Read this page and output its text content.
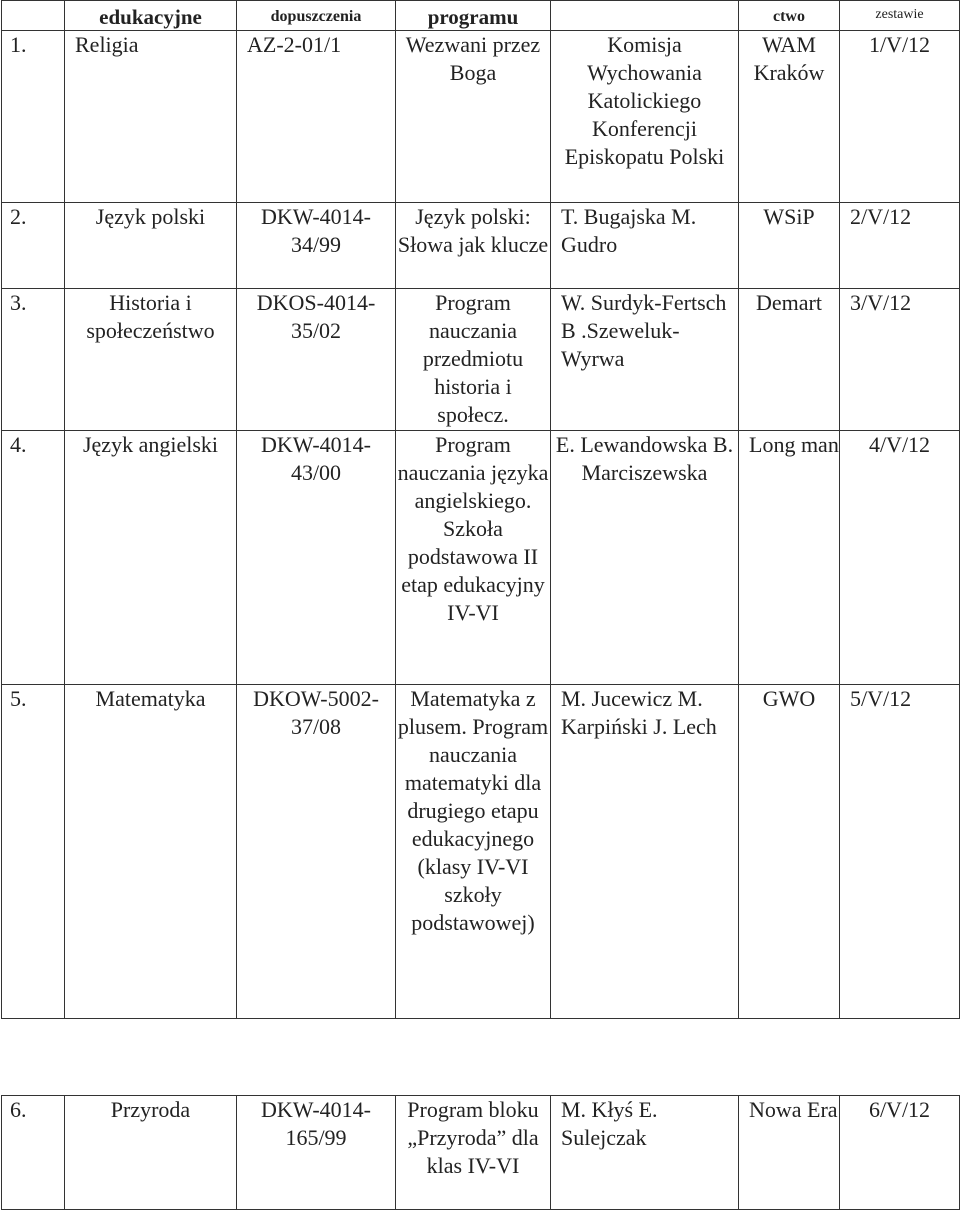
	edukacyjne	dopuszczenia	programu		ctwo	zestawie
1.	Religia	AZ-2-01/1	Wezwani przez Boga	Komisja Wychowania Katolickiego Konferencji Episkopatu Polski	WAM Kraków	1/V/12
2.	Język polski	DKW-4014-34/99	Język polski: Słowa jak klucze	T. Bugajska M. Gudro	WSiP	2/V/12
3.	Historia i społeczeństwo	DKOS-4014-35/02	Program nauczania przedmiotu historia i społecz.	W. Surdyk-Fertsch B .Szeweluk-Wyrwa	Demart	3/V/12
4.	Język angielski	DKW-4014-43/00	Program nauczania języka angielskiego. Szkoła podstawowa II etap edukacyjny IV-VI	E. Lewandowska B. Marciszewska	Long man	4/V/12
5.	Matematyka	DKOW-5002-37/08	Matematyka z plusem. Program nauczania matematyki dla drugiego etapu edukacyjnego (klasy IV-VI szkoły podstawowej)	M. Jucewicz M. Karpiński J. Lech	GWO	5/V/12
6.	Przyroda	DKW-4014-165/99	Program bloku „Przyroda” dla klas IV-VI	M. Kłyś E. Sulejczak	Nowa Era	6/V/12
